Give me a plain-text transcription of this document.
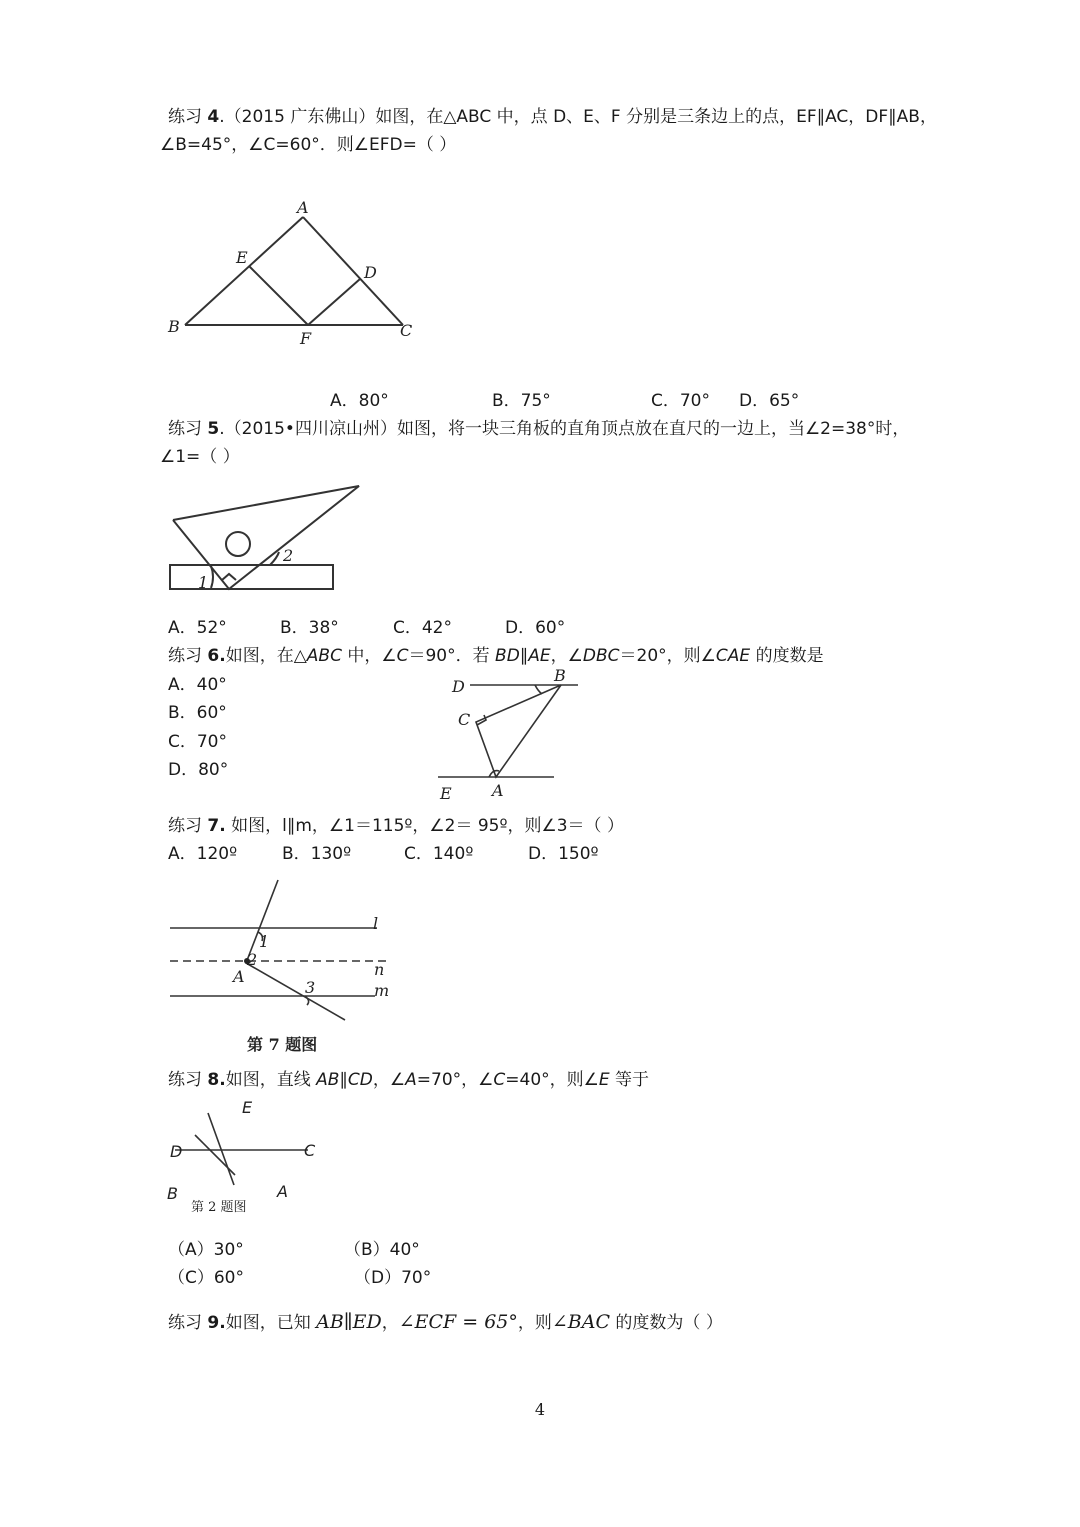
练习 4.（2015 广东佛山）如图，在△ABC 中，点 D、E、F 分别是三条边上的点，EF∥AC，DF∥AB，
∠B=45°，∠C=60°．则∠EFD=（ ）
A
B	C
D
E
F
A．80°	B．75°	C．70° D．65°
练习 5.（2015•四川凉山州）如图，将一块三角板的直角顶点放在直尺的一边上，当∠2=38°时，
∠1=（ ）
1
2
A．52°	B．38°	C．42°	D．60°
练习 6.如图，在△ABC 中，∠C＝90°．若 BD∥AE，∠DBC＝20°，则∠CAE 的度数是
A．40°
B．60°
C．70°
D．80°
D
B
C
E	A
练习 7. 如图，l∥m，∠1＝115º，∠2＝ 95º，则∠3＝（ ）
A．120º	B．130º	C．140º	D．150º
l
n
m
A
1
2
3
第 7 题图
练习 8.如图，直线 AB∥CD，∠A=70°，∠C=40°，则∠E 等于
E
D	C
B	A
第 2 题图
（A）30°	（B）40°
（C）60°	（D）70°
练习 9.如图，已知 AB∥ED，∠ECF = 65°，则∠BAC 的度数为（ ）
4
